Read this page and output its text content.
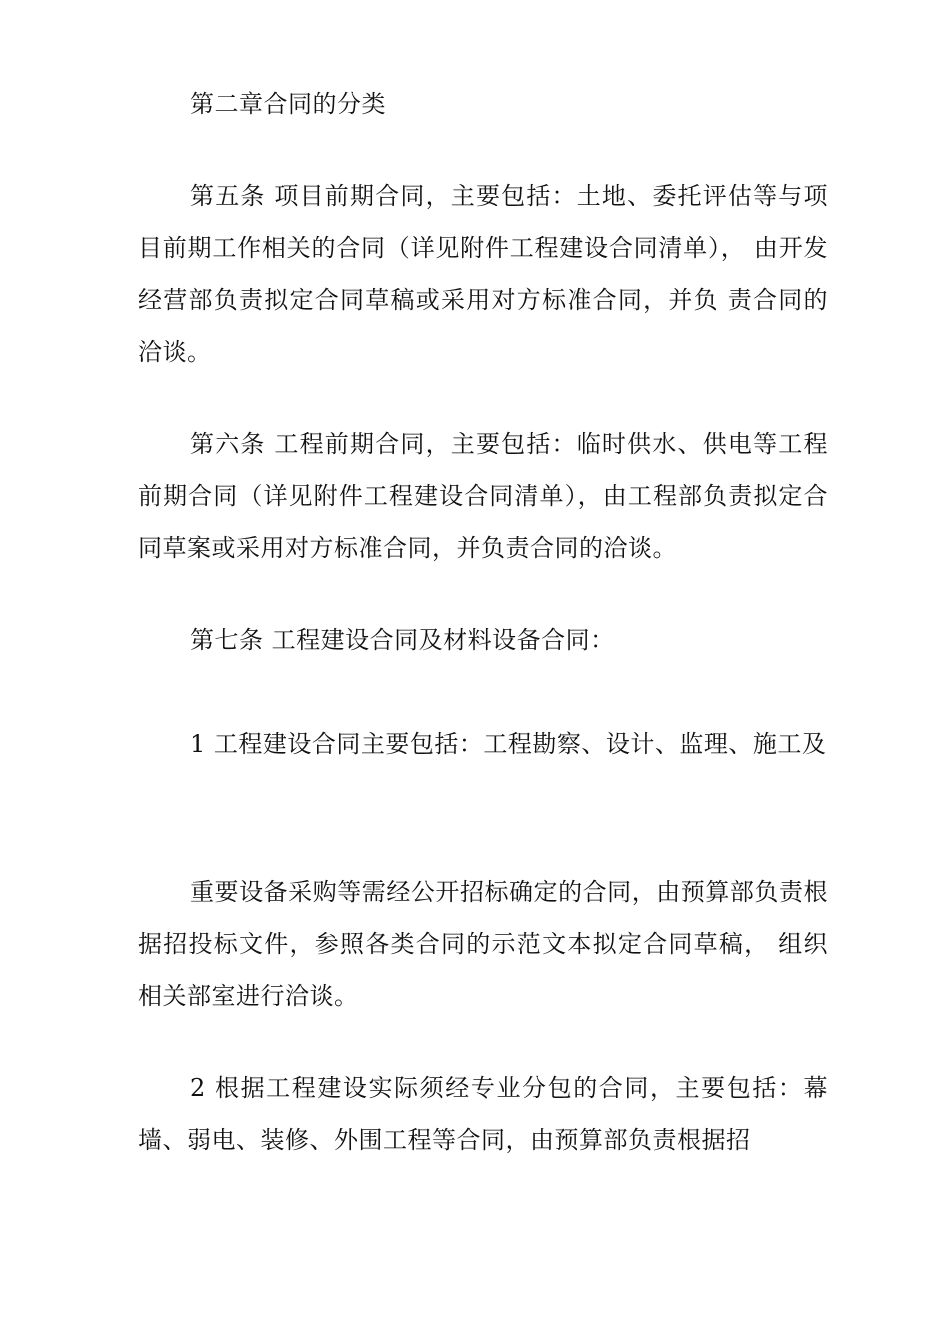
第二章合同的分类

第五条 项目前期合同，主要包括：土地、委托评估等与项目前期工作相关的合同（详见附件工程建设合同清单）， 由开发经营部负责拟定合同草稿或采用对方标准合同，并负 责合同的洽谈。

第六条 工程前期合同，主要包括：临时供水、供电等工程前期合同（详见附件工程建设合同清单），由工程部负责拟定合同草案或采用对方标准合同，并负责合同的洽谈。

第七条 工程建设合同及材料设备合同：

1 工程建设合同主要包括：工程勘察、设计、监理、施工及

重要设备采购等需经公开招标确定的合同，由预算部负责根据招投标文件，参照各类合同的示范文本拟定合同草稿， 组织相关部室进行洽谈。

2 根据工程建设实际须经专业分包的合同，主要包括：幕墙、弱电、装修、外围工程等合同，由预算部负责根据招
